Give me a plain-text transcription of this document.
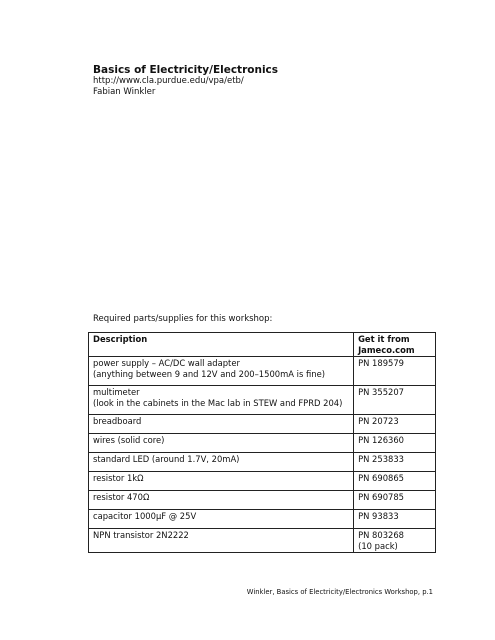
Basics of Electricity/Electronics

http://www.cla.purdue.edu/vpa/etb/

Fabian Winkler

Required parts/supplies for this workshop:

Description	Get it from
Jameco.com
power supply – AC/DC wall adapter
(anything between 9 and 12V and 200–1500mA is fine)	PN 189579
multimeter
(look in the cabinets in the Mac lab in STEW and FPRD 204)	PN 355207
breadboard	PN 20723
wires (solid core)	PN 126360
standard LED (around 1.7V, 20mA)	PN 253833
resistor 1kΩ	PN 690865
resistor 470Ω	PN 690785
capacitor 1000µF @ 25V	PN 93833
NPN transistor 2N2222	PN 803268
(10 pack)

Winkler, Basics of Electricity/Electronics Workshop, p.1
